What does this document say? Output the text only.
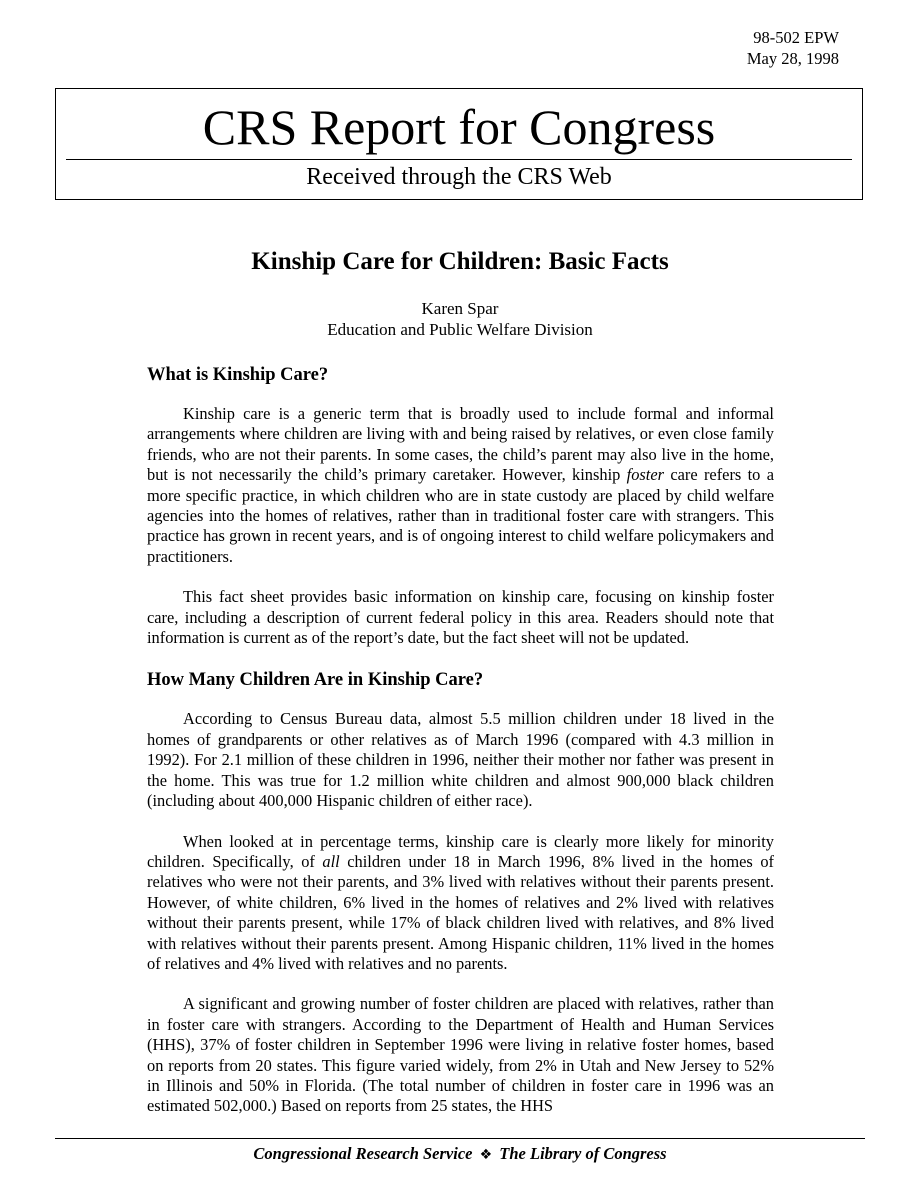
98-502 EPW
May 28, 1998
CRS Report for Congress
Received through the CRS Web
Kinship Care for Children: Basic Facts
Karen Spar
Education and Public Welfare Division
What is Kinship Care?

Kinship care is a generic term that is broadly used to include formal and informal arrangements where children are living with and being raised by relatives, or even close family friends, who are not their parents. In some cases, the child’s parent may also live in the home, but is not necessarily the child’s primary caretaker. However, kinship foster care refers to a more specific practice, in which children who are in state custody are placed by child welfare agencies into the homes of relatives, rather than in traditional foster care with strangers. This practice has grown in recent years, and is of ongoing interest to child welfare policymakers and practitioners.

This fact sheet provides basic information on kinship care, focusing on kinship foster care, including a description of current federal policy in this area. Readers should note that information is current as of the report’s date, but the fact sheet will not be updated.

How Many Children Are in Kinship Care?

According to Census Bureau data, almost 5.5 million children under 18 lived in the homes of grandparents or other relatives as of March 1996 (compared with 4.3 million in 1992). For 2.1 million of these children in 1996, neither their mother nor father was present in the home. This was true for 1.2 million white children and almost 900,000 black children (including about 400,000 Hispanic children of either race).

When looked at in percentage terms, kinship care is clearly more likely for minority children. Specifically, of all children under 18 in March 1996, 8% lived in the homes of relatives who were not their parents, and 3% lived with relatives without their parents present. However, of white children, 6% lived in the homes of relatives and 2% lived with relatives without their parents present, while 17% of black children lived with relatives, and 8% lived with relatives without their parents present. Among Hispanic children, 11% lived in the homes of relatives and 4% lived with relatives and no parents.

A significant and growing number of foster children are placed with relatives, rather than in foster care with strangers. According to the Department of Health and Human Services (HHS), 37% of foster children in September 1996 were living in relative foster homes, based on reports from 20 states. This figure varied widely, from 2% in Utah and New Jersey to 52% in Illinois and 50% in Florida. (The total number of children in foster care in 1996 was an estimated 502,000.) Based on reports from 25 states, the HHS

Congressional Research Service ❖ The Library of Congress
